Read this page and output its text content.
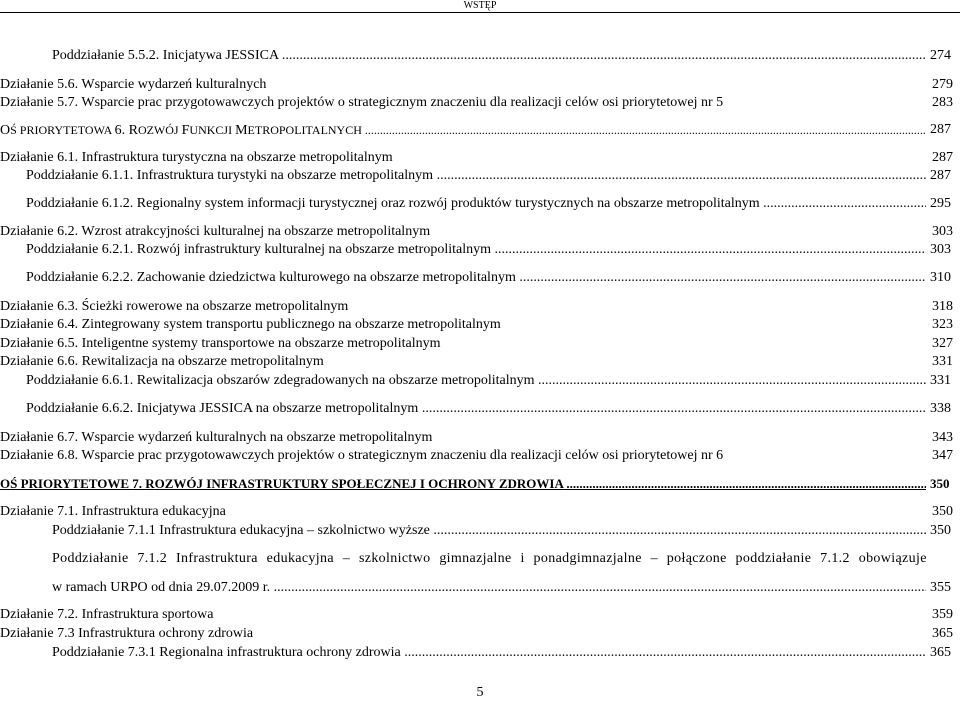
WSTĘP
Poddziałanie 5.5.2. Inicjatywa JESSICA .....	274
Działanie 5.6. Wsparcie wydarzeń kulturalnych	279
Działanie 5.7. Wsparcie prac przygotowawczych projektów o strategicznym znaczeniu dla realizacji celów osi priorytetowej nr 5	283
OŚ PRIORYTETOWA 6. ROZWÓJ FUNKCJI METROPOLITALNYCH .....	287
Działanie 6.1. Infrastruktura turystyczna na obszarze metropolitalnym	287
Poddziałanie 6.1.1. Infrastruktura turystyki na obszarze metropolitalnym .....	287
Poddziałanie 6.1.2. Regionalny system informacji turystycznej oraz rozwój produktów turystycznych na obszarze metropolitalnym .....	295
Działanie 6.2. Wzrost atrakcyjności kulturalnej na obszarze metropolitalnym	303
Poddziałanie 6.2.1. Rozwój infrastruktury kulturalnej na obszarze metropolitalnym .....	303
Poddziałanie 6.2.2. Zachowanie dziedzictwa kulturowego na obszarze metropolitalnym .....	310
Działanie 6.3. Ścieżki rowerowe na obszarze metropolitalnym	318
Działanie 6.4. Zintegrowany system transportu publicznego na obszarze metropolitalnym	323
Działanie 6.5. Inteligentne systemy transportowe na obszarze metropolitalnym	327
Działanie 6.6. Rewitalizacja na obszarze metropolitalnym	331
Poddziałanie 6.6.1. Rewitalizacja obszarów zdegradowanych na obszarze metropolitalnym .....	331
Poddziałanie 6.6.2. Inicjatywa JESSICA na obszarze metropolitalnym .....	338
Działanie 6.7. Wsparcie wydarzeń kulturalnych na obszarze metropolitalnym	343
Działanie 6.8. Wsparcie prac przygotowawczych projektów o strategicznym znaczeniu dla realizacji celów osi priorytetowej nr 6	347
OŚ PRIORYTETOWE 7. ROZWÓJ INFRASTRUKTURY SPOŁECZNEJ I OCHRONY ZDROWIA .....	350
Działanie 7.1. Infrastruktura edukacyjna	350
Poddziałanie 7.1.1 Infrastruktura edukacyjna – szkolnictwo wyższe .....	350
Poddziałanie 7.1.2 Infrastruktura edukacyjna – szkolnictwo gimnazjalne i ponadgimnazjalne – połączone poddziałanie 7.1.2 obowiązuje
w ramach URPO od dnia 29.07.2009 r. .....	355
Działanie 7.2. Infrastruktura sportowa	359
Działanie 7.3 Infrastruktura ochrony zdrowia	365
Poddziałanie 7.3.1 Regionalna infrastruktura ochrony zdrowia .....	365
5
